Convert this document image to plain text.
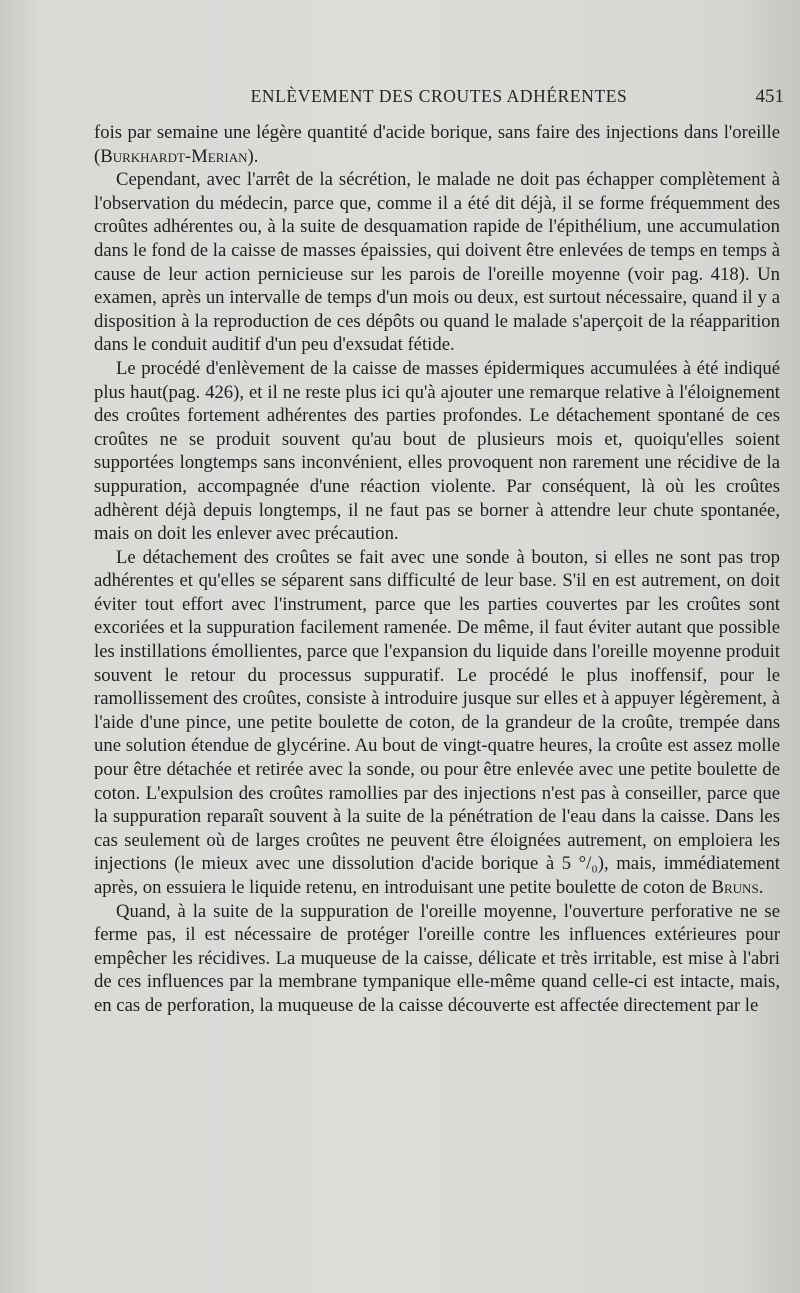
ENLÈVEMENT DES CROUTES ADHÉRENTES	451

fois par semaine une légère quantité d'acide borique, sans faire des injections dans l'oreille (Burkhardt-Merian).

Cependant, avec l'arrêt de la sécrétion, le malade ne doit pas échapper complètement à l'observation du médecin, parce que, comme il a été dit déjà, il se forme fréquemment des croûtes adhérentes ou, à la suite de desquamation rapide de l'épithélium, une accumulation dans le fond de la caisse de masses épaissies, qui doivent être enlevées de temps en temps à cause de leur action pernicieuse sur les parois de l'oreille moyenne (voir pag. 418). Un examen, après un intervalle de temps d'un mois ou deux, est surtout nécessaire, quand il y a disposition à la reproduction de ces dépôts ou quand le malade s'aperçoit de la réapparition dans le conduit auditif d'un peu d'exsudat fétide.

Le procédé d'enlèvement de la caisse de masses épidermiques accumulées à été indiqué plus haut(pag. 426), et il ne reste plus ici qu'à ajouter une remarque relative à l'éloignement des croûtes fortement adhérentes des parties profondes. Le détachement spontané de ces croûtes ne se produit souvent qu'au bout de plusieurs mois et, quoiqu'elles soient supportées longtemps sans inconvénient, elles provoquent non rarement une récidive de la suppuration, accompagnée d'une réaction violente. Par conséquent, là où les croûtes adhèrent déjà depuis longtemps, il ne faut pas se borner à attendre leur chute spontanée, mais on doit les enlever avec précaution.

Le détachement des croûtes se fait avec une sonde à bouton, si elles ne sont pas trop adhérentes et qu'elles se séparent sans difficulté de leur base. S'il en est autrement, on doit éviter tout effort avec l'instrument, parce que les parties couvertes par les croûtes sont excoriées et la suppuration facilement ramenée. De même, il faut éviter autant que possible les instillations émollientes, parce que l'expansion du liquide dans l'oreille moyenne produit souvent le retour du processus suppuratif. Le procédé le plus inoffensif, pour le ramollissement des croûtes, consiste à introduire jusque sur elles et à appuyer légèrement, à l'aide d'une pince, une petite boulette de coton, de la grandeur de la croûte, trempée dans une solution étendue de glycérine. Au bout de vingt-quatre heures, la croûte est assez molle pour être détachée et retirée avec la sonde, ou pour être enlevée avec une petite boulette de coton. L'expulsion des croûtes ramollies par des injections n'est pas à conseiller, parce que la suppuration reparaît souvent à la suite de la pénétration de l'eau dans la caisse. Dans les cas seulement où de larges croûtes ne peuvent être éloignées autrement, on emploiera les injections (le mieux avec une dissolution d'acide borique à 5 °/₀), mais, immédiatement après, on essuiera le liquide retenu, en introduisant une petite boulette de coton de Bruns.

Quand, à la suite de la suppuration de l'oreille moyenne, l'ouverture perforative ne se ferme pas, il est nécessaire de protéger l'oreille contre les influences extérieures pour empêcher les récidives. La muqueuse de la caisse, délicate et très irritable, est mise à l'abri de ces influences par la membrane tympanique elle-même quand celle-ci est intacte, mais, en cas de perforation, la muqueuse de la caisse découverte est affectée directement par le
